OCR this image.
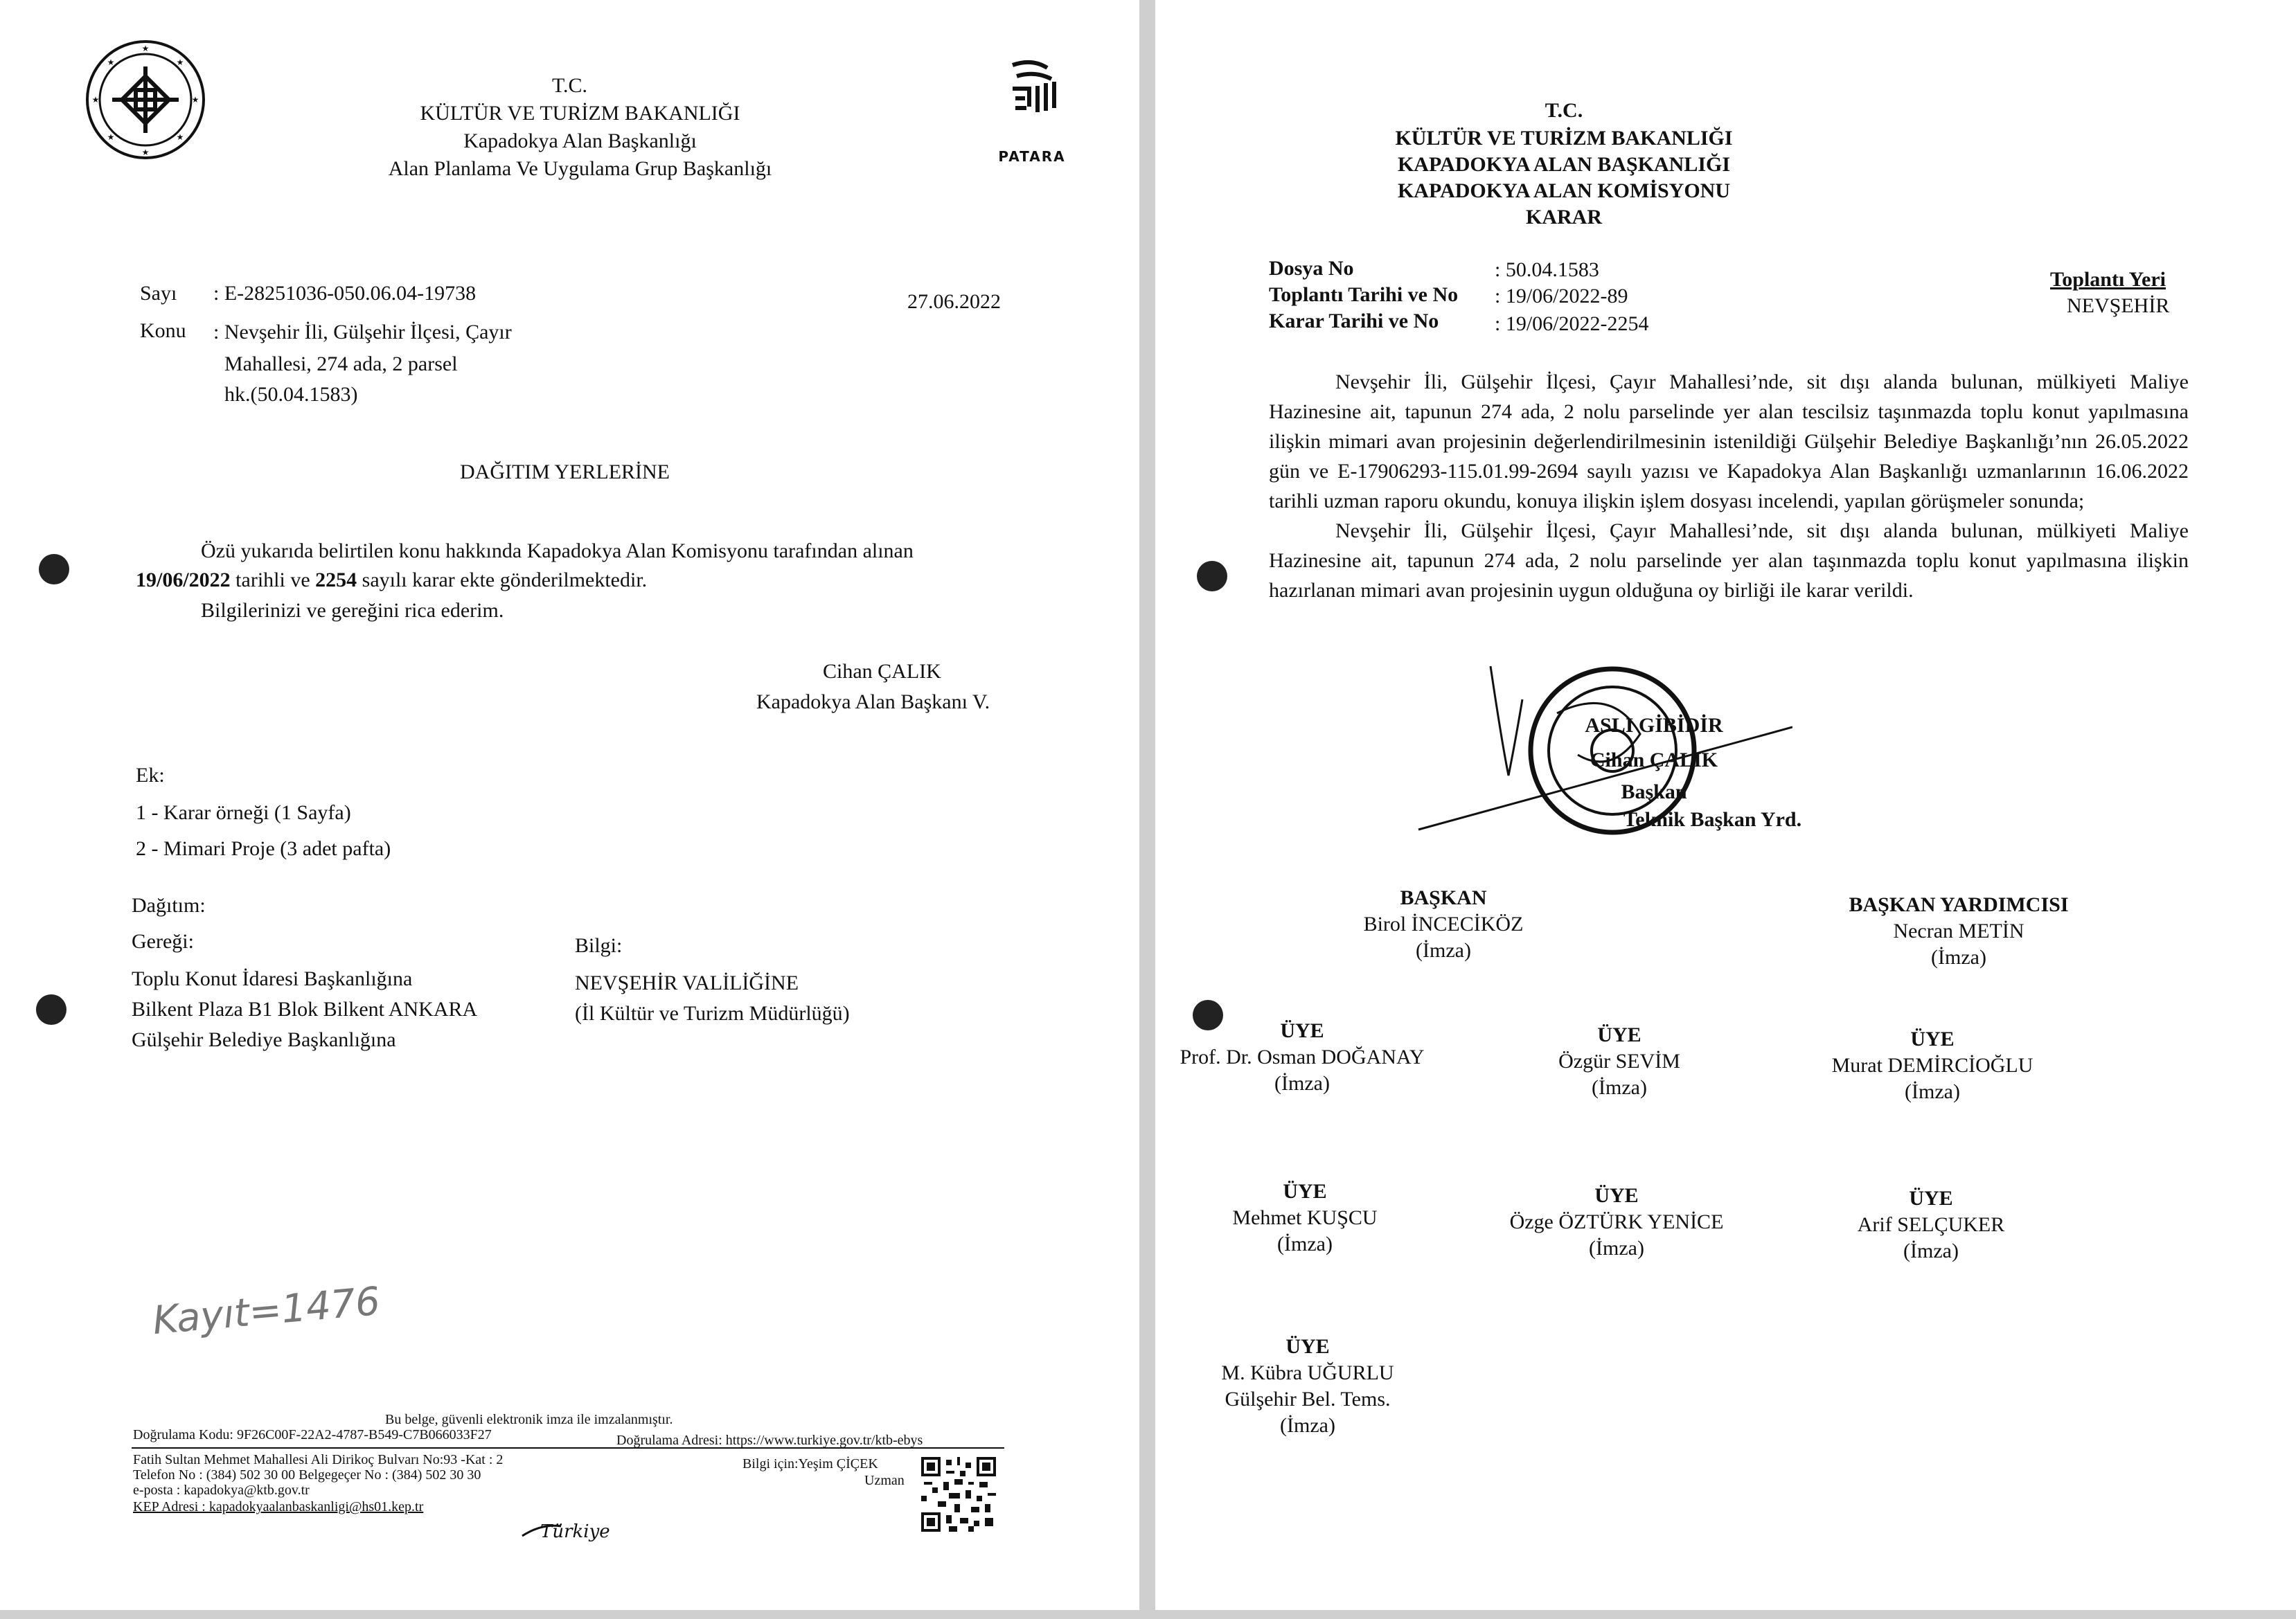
★
★
★
★
★
★
★
★
T.C.
KÜLTÜR VE TURİZM BAKANLIĞI
Kapadokya Alan Başkanlığı
Alan Planlama Ve Uygulama Grup Başkanlığı
PATARA
Sayı : E-28251036-050.06.04-19738	27.06.2022
Konu : Nevşehir İli, Gülşehir İlçesi, Çayır
Mahallesi, 274 ada, 2 parsel
hk.(50.04.1583)
DAĞITIM YERLERİNE
Özü yukarıda belirtilen konu hakkında Kapadokya Alan Komisyonu tarafından alınan
19/06/2022 tarihli ve 2254 sayılı karar ekte gönderilmektedir.
Bilgilerinizi ve gereğini rica ederim.
Cihan ÇALIK
Kapadokya Alan Başkanı V.
Ek:
1 - Karar örneği (1 Sayfa)
2 - Mimari Proje (3 adet pafta)
Dağıtım:
Gereği:
Toplu Konut İdaresi Başkanlığına
Bilkent Plaza B1 Blok Bilkent ANKARA
Gülşehir Belediye Başkanlığına
Bilgi:
NEVŞEHİR VALİLİĞİNE
(İl Kültür ve Turizm Müdürlüğü)
Kayıt=1476
Bu belge, güvenli elektronik imza ile imzalanmıştır.
Doğrulama Kodu: 9F26C00F-22A2-4787-B549-C7B066033F27	Doğrulama Adresi: https://www.turkiye.gov.tr/ktb-ebys
Fatih Sultan Mehmet Mahallesi Ali Dirikoç Bulvarı No:93 -Kat : 2
Telefon No : (384) 502 30 00 Belgegeçer No : (384) 502 30 30
e-posta : kapadokya@ktb.gov.tr
KEP Adresi : kapadokyaalanbaskanligi@hs01.kep.tr
Bilgi için:Yeşim ÇİÇEK
Uzman
Türkiye
T.C.
KÜLTÜR VE TURİZM BAKANLIĞI
KAPADOKYA ALAN BAŞKANLIĞI
KAPADOKYA ALAN KOMİSYONU
KARAR
Dosya No	: 50.04.1583
Toplantı Tarihi ve No : 19/06/2022-89
Karar Tarihi ve No	: 19/06/2022-2254
Toplantı Yeri
NEVŞEHİR

Nevşehir İli, Gülşehir İlçesi, Çayır Mahallesi’nde, sit dışı alanda bulunan, mülkiyeti Maliye Hazinesine ait, tapunun 274 ada, 2 nolu parselinde yer alan tescilsiz taşınmazda toplu konut yapılmasına ilişkin mimari avan projesinin değerlendirilmesinin istenildiği Gülşehir Belediye Başkanlığı’nın 26.05.2022 gün ve E-17906293-115.01.99-2694 sayılı yazısı ve Kapadokya Alan Başkanlığı uzmanlarının 16.06.2022 tarihli uzman raporu okundu, konuya ilişkin işlem dosyası incelendi, yapılan görüşmeler sonunda;

Nevşehir İli, Gülşehir İlçesi, Çayır Mahallesi’nde, sit dışı alanda bulunan, mülkiyeti Maliye Hazinesine ait, tapunun 274 ada, 2 nolu parselinde yer alan taşınmazda toplu konut yapılmasına ilişkin hazırlanan mimari avan projesinin uygun olduğuna oy birliği ile karar verildi.

ASLI GİBİDİR
Cihan ÇALIK
Başkan
Teknik Başkan Yrd.
BAŞKAN
Birol İNCECİKÖZ
(İmza)
BAŞKAN YARDIMCISI
Necran METİN
(İmza)
ÜYE
Prof. Dr. Osman DOĞANAY
(İmza)
ÜYE
Özgür SEVİM
(İmza)
ÜYE
Murat DEMİRCİOĞLU
(İmza)
ÜYE
Mehmet KUŞCU
(İmza)
ÜYE
Özge ÖZTÜRK YENİCE
(İmza)
ÜYE
Arif SELÇUKER
(İmza)
ÜYE
M. Kübra UĞURLU
Gülşehir Bel. Tems.
(İmza)
